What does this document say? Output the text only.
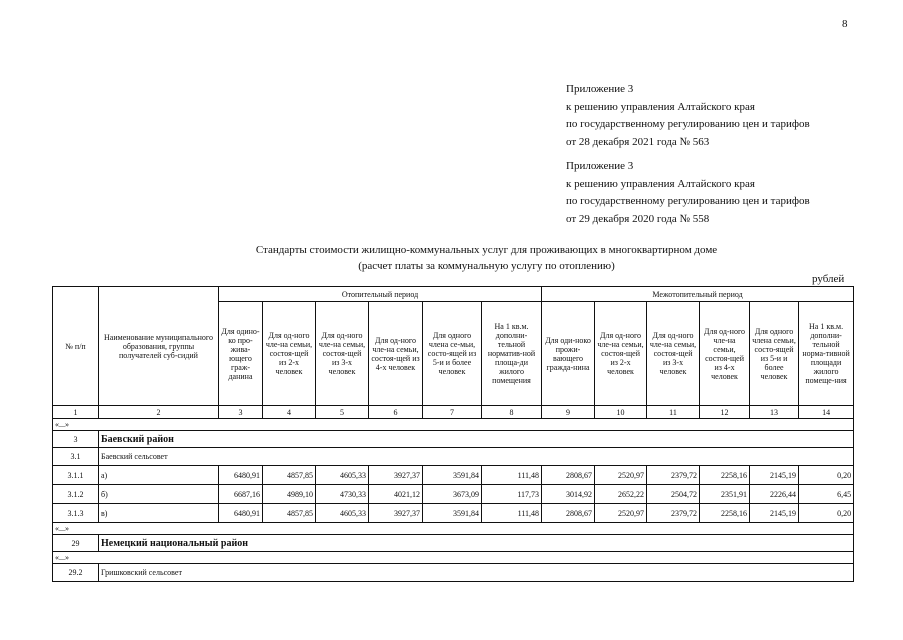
8
Приложение 3
к решению управления Алтайского края
по государственному регулированию цен и тарифов
от 28 декабря 2021 года № 563
Приложение 3
к решению управления Алтайского края
по государственному регулированию цен и тарифов
от 29 декабря 2020 года № 558
Стандарты стоимости жилищно-коммунальных услуг для проживающих в многоквартирном доме
(расчет платы за коммунальную услугу по отоплению)
рублей
№ п/п	Наименование муниципального образования, группы получателей суб-сидий	Отопительный период						Межотопительный период					
		Для одино-ко про-жива-ющего граж-данина	Для од-ного чле-на семьи, состоя-щей из 2-х человек	Для од-ного чле-на семьи, состоя-щей из 3-х человек	Для од-ного чле-на семьи, состоя-щей из 4-х человек	Для одного члена се-мьи, состо-ящей из 5-и и более человек	На 1 кв.м. дополни-тельной норматив-ной площа-ди жилого помещения	Для оди-ноко прожи-вающего гражда-нина	Для од-ного чле-на семьи, состоя-щей из 2-х человек	Для од-ного чле-на семьи, состоя-щей из 3-х человек	Для од-ного чле-на семьи, состоя-щей из 4-х человек	Для одного члена семьи, состо-ящей из 5-и и более человек	На 1 кв.м. дополни-тельной норма-тивной площади жилого помеще-ния
1	2	3	4	5	6	7	8	9	10	11	12	13	14
«...»													
3	Баевский район												
3.1	Баевский сельсовет												
3.1.1	а)	6480,91	4857,85	4605,33	3927,37	3591,84	111,48	2808,67	2520,97	2379,72	2258,16	2145,19	0,20
3.1.2	б)	6687,16	4989,10	4730,33	4021,12	3673,09	117,73	3014,92	2652,22	2504,72	2351,91	2226,44	6,45
3.1.3	в)	6480,91	4857,85	4605,33	3927,37	3591,84	111,48	2808,67	2520,97	2379,72	2258,16	2145,19	0,20
«...»													
29	Немецкий национальный район												
«...»													
29.2	Гришковский сельсовет												
